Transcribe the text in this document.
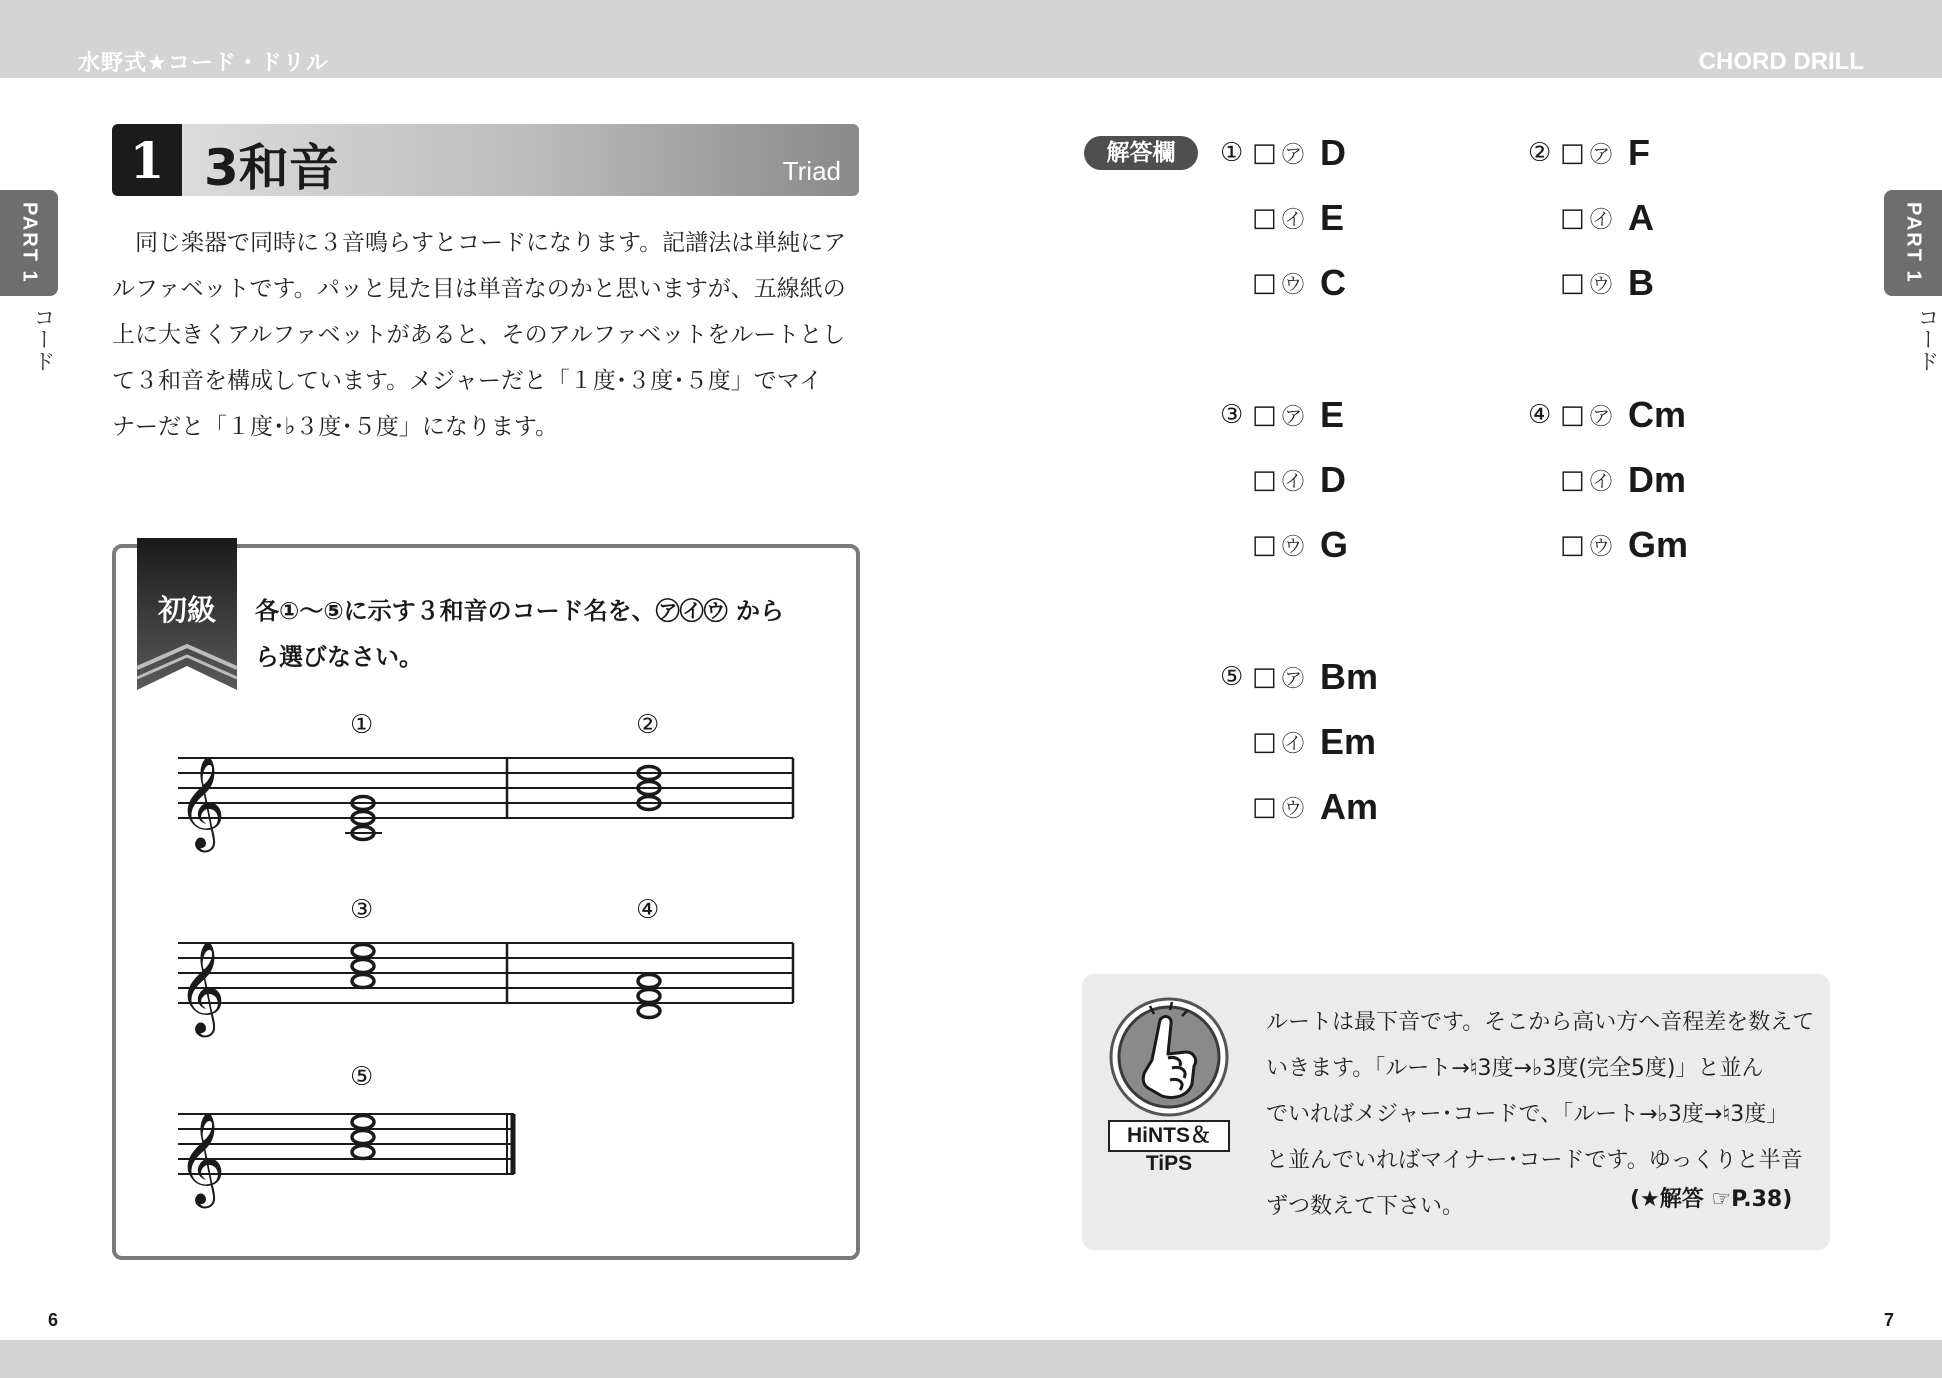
水野式★コード・ドリル	CHORD DRILL
6	7
PART 1
コード
PART 1
コード
1 3和音	Triad

　同じ楽器で同時に３音鳴らすとコードになります。記譜法は単純にア

ルファベットです。パッと見た目は単音なのかと思いますが、五線紙の

上に大きくアルファベットがあると、そのアルファベットをルートとし

て３和音を構成しています。メジャーだと「１度･３度･５度」でマイ

ナーだと「１度･♭３度･５度」になります。

初級	各①～⑤に示す３和音のコード名を、㋐㋑㋒ から
ら選びなさい。
①	②
③	④
⑤
𝄞
𝄞
𝄞
解答欄	① □ ㋐ D
□ ㋑ E
□ ㋒ C
② □ ㋐ F
□ ㋑ A
□ ㋒ B
③ □ ㋐ E
□ ㋑ D
□ ㋒ G
④ □ ㋐ Cm
□ ㋑ Dm
□ ㋒ Gm
⑤ □ ㋐ Bm
□ ㋑ Em
□ ㋒ Am
HiNTS＆TiPS

ルートは最下音です。そこから高い方へ音程差を数えて

いきます。「ルート→♮3度→♭3度(完全5度)」と並ん

でいればメジャー･コードで、「ルート→♭3度→♮3度」

と並んでいればマイナー･コードです。ゆっくりと半音

ずつ数えて下さい。	(★解答 ☞P.38)
